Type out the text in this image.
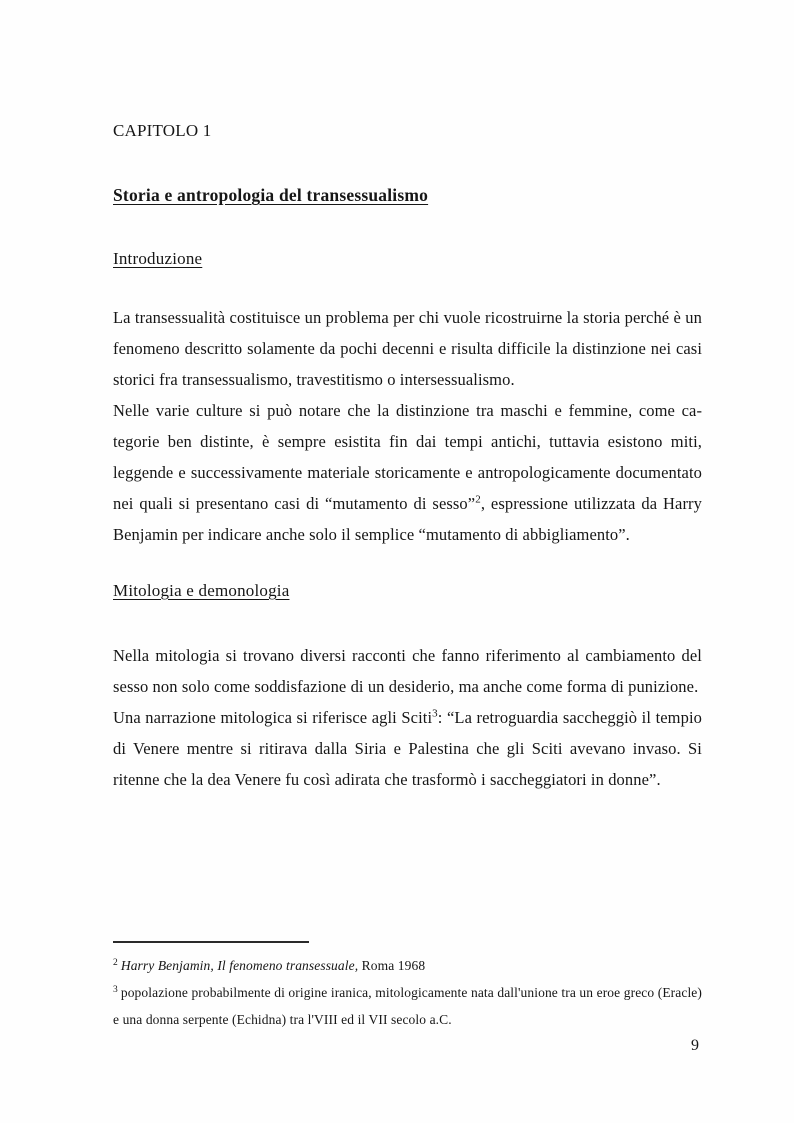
CAPITOLO 1
Storia e antropologia del transessualismo
Introduzione

La transessualità costituisce un problema per chi vuole ricostruirne la storia perché è un fenomeno descritto solamente da pochi decenni e risulta difficile la distinzione nei casi storici fra transessualismo, travestitismo o intersessualismo.

Nelle varie culture si può notare che la distinzione tra maschi e femmine, come categorie ben distinte, è sempre esistita fin dai tempi antichi, tuttavia esistono miti, leggende e successivamente materiale storicamente e antropologicamente documentato nei quali si presentano casi di “mutamento di sesso”$^2$, espressione utilizzata da Harry Benjamin per indicare anche solo il semplice “mutamento di abbigliamento”.

Mitologia e demonologia

Nella mitologia si trovano diversi racconti che fanno riferimento al cambiamento del sesso non solo come soddisfazione di un desiderio, ma anche come forma di punizione.

Una narrazione mitologica si riferisce agli Sciti$^3$: “La retroguardia saccheggiò il tempio di Venere mentre si ritirava dalla Siria e Palestina che gli Sciti avevano invaso. Si ritenne che la dea Venere fu così adirata che trasformò i saccheggiatori in donne”.

$^2$ Harry Benjamin, Il fenomeno transessuale, Roma 1968

$^3$ popolazione probabilmente di origine iranica, mitologicamente nata dall'unione tra un eroe greco (Eracle) e una donna serpente (Echidna) tra l'VIII ed il VII secolo a.C.

9
